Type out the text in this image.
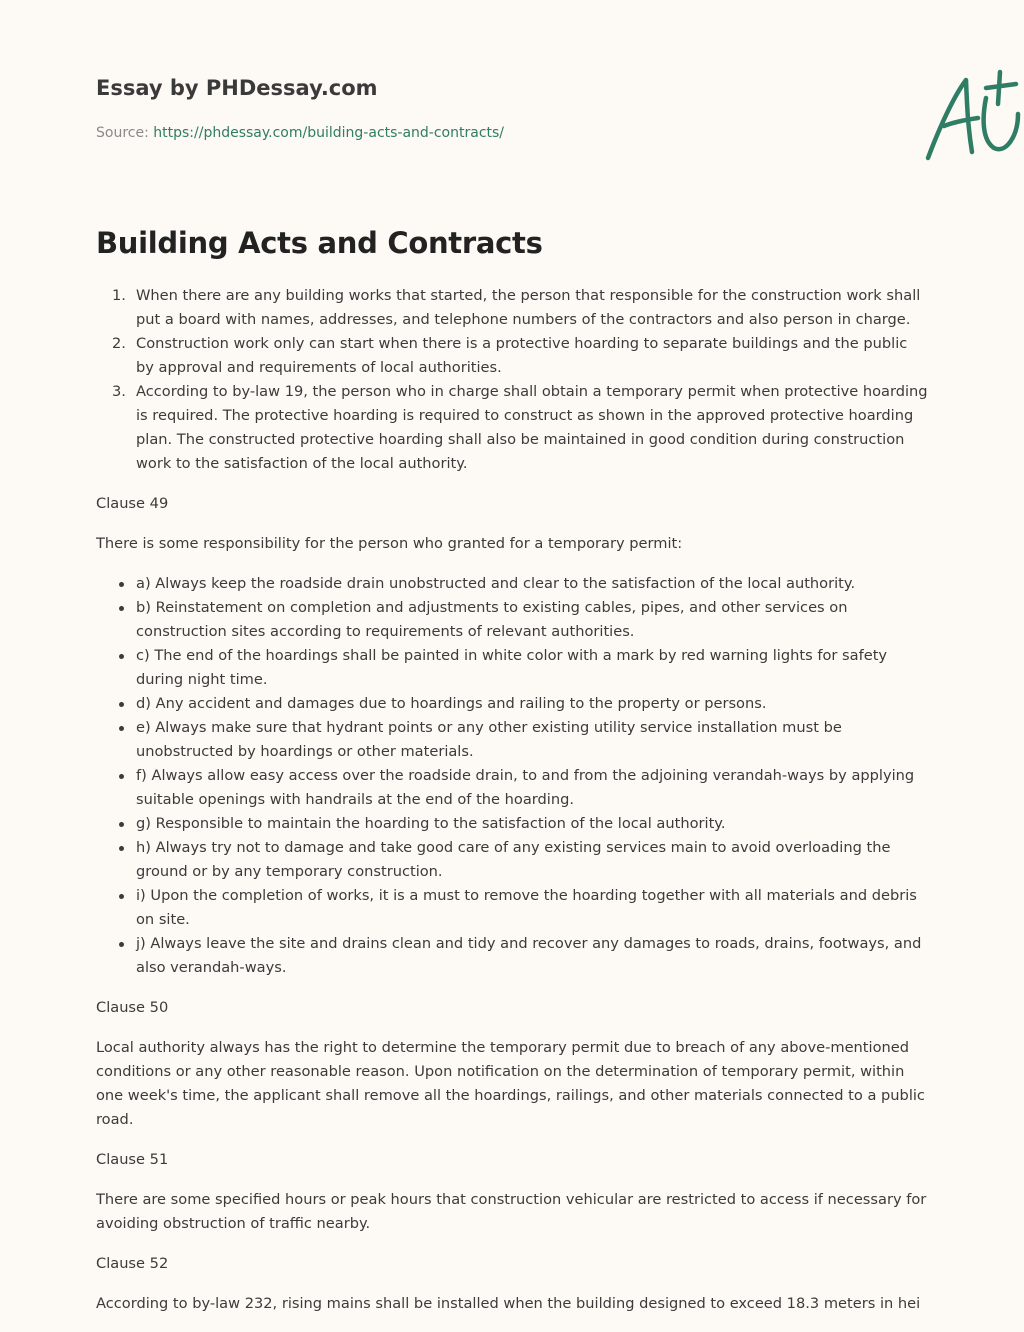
Essay by PHDessay.com
Source: https://phdessay.com/building-acts-and-contracts/
Building Acts and Contracts
1. When there are any building works that started, the person that responsible for the construction work shall put a board with names, addresses, and telephone numbers of the contractors and also person in charge.
2. Construction work only can start when there is a protective hoarding to separate buildings and the public by approval and requirements of local authorities.
3. According to by-law 19, the person who in charge shall obtain a temporary permit when protective hoarding is required. The protective hoarding is required to construct as shown in the approved protective hoarding plan. The constructed protective hoarding shall also be maintained in good condition during construction work to the satisfaction of the local authority.

Clause 49

There is some responsibility for the person who granted for a temporary permit:

a) Always keep the roadside drain unobstructed and clear to the satisfaction of the local authority.
b) Reinstatement on completion and adjustments to existing cables, pipes, and other services on construction sites according to requirements of relevant authorities.
c) The end of the hoardings shall be painted in white color with a mark by red warning lights for safety during night time.
d) Any accident and damages due to hoardings and railing to the property or persons.
e) Always make sure that hydrant points or any other existing utility service installation must be unobstructed by hoardings or other materials.
f) Always allow easy access over the roadside drain, to and from the adjoining verandah-ways by applying suitable openings with handrails at the end of the hoarding.
g) Responsible to maintain the hoarding to the satisfaction of the local authority.
h) Always try not to damage and take good care of any existing services main to avoid overloading the ground or by any temporary construction.
i) Upon the completion of works, it is a must to remove the hoarding together with all materials and debris on site.
j) Always leave the site and drains clean and tidy and recover any damages to roads, drains, footways, and also verandah-ways.

Clause 50

Local authority always has the right to determine the temporary permit due to breach of any above-mentioned conditions or any other reasonable reason. Upon notification on the determination of temporary permit, within one week's time, the applicant shall remove all the hoardings, railings, and other materials connected to a public road.

Clause 51

There are some specified hours or peak hours that construction vehicular are restricted to access if necessary for avoiding obstruction of traffic nearby.

Clause 52

According to by-law 232, rising mains shall be installed when the building designed to exceed 18.3 meters in hei
